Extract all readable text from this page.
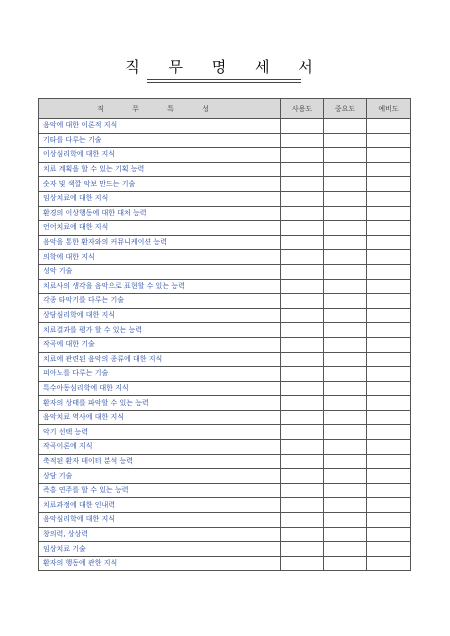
직 무 명 세 서
직 무 특 성	사용도	중요도	예비도
음악에 대한 이론적 지식			
기타를 다루는 기술			
이상심리학에 대한 지식			
치료 계획을 할 수 있는 기획 능력			
숫자 및 색깔 악보 만드는 기술			
임상치료에 대한 지식			
환경의 이상행동에 대한 대처 능력			
언어치료에 대한 지식			
음악을 통한 환자와의 커뮤니케이션 능력			
의학에 대한 지식			
성악 기술			
치료사의 생각을 음악으로 표현할 수 있는 능력			
각종 타악기를 다루는 기술			
상담심리학에 대한 지식			
치료결과를 평가 할 수 있는 능력			
작곡에 대한 기술			
치료에 관련된 음악의 종류에 대한 지식			
피아노를 다루는 기술			
특수아동심리학에 대한 지식			
환자의 상태를 파악할 수 있는 능력			
음악치료 역사에 대한 지식			
악기 선택 능력			
작곡이론에 지식			
축적된 환자 데이터 분석 능력			
상담 기술			
즉흥 연주를 할 수 있는 능력			
치료과정에 대한 인내력			
음악심리학에 대한 지식			
창의력, 상상력			
임상치료 기술			
환자의 행동에 관한 지식			
